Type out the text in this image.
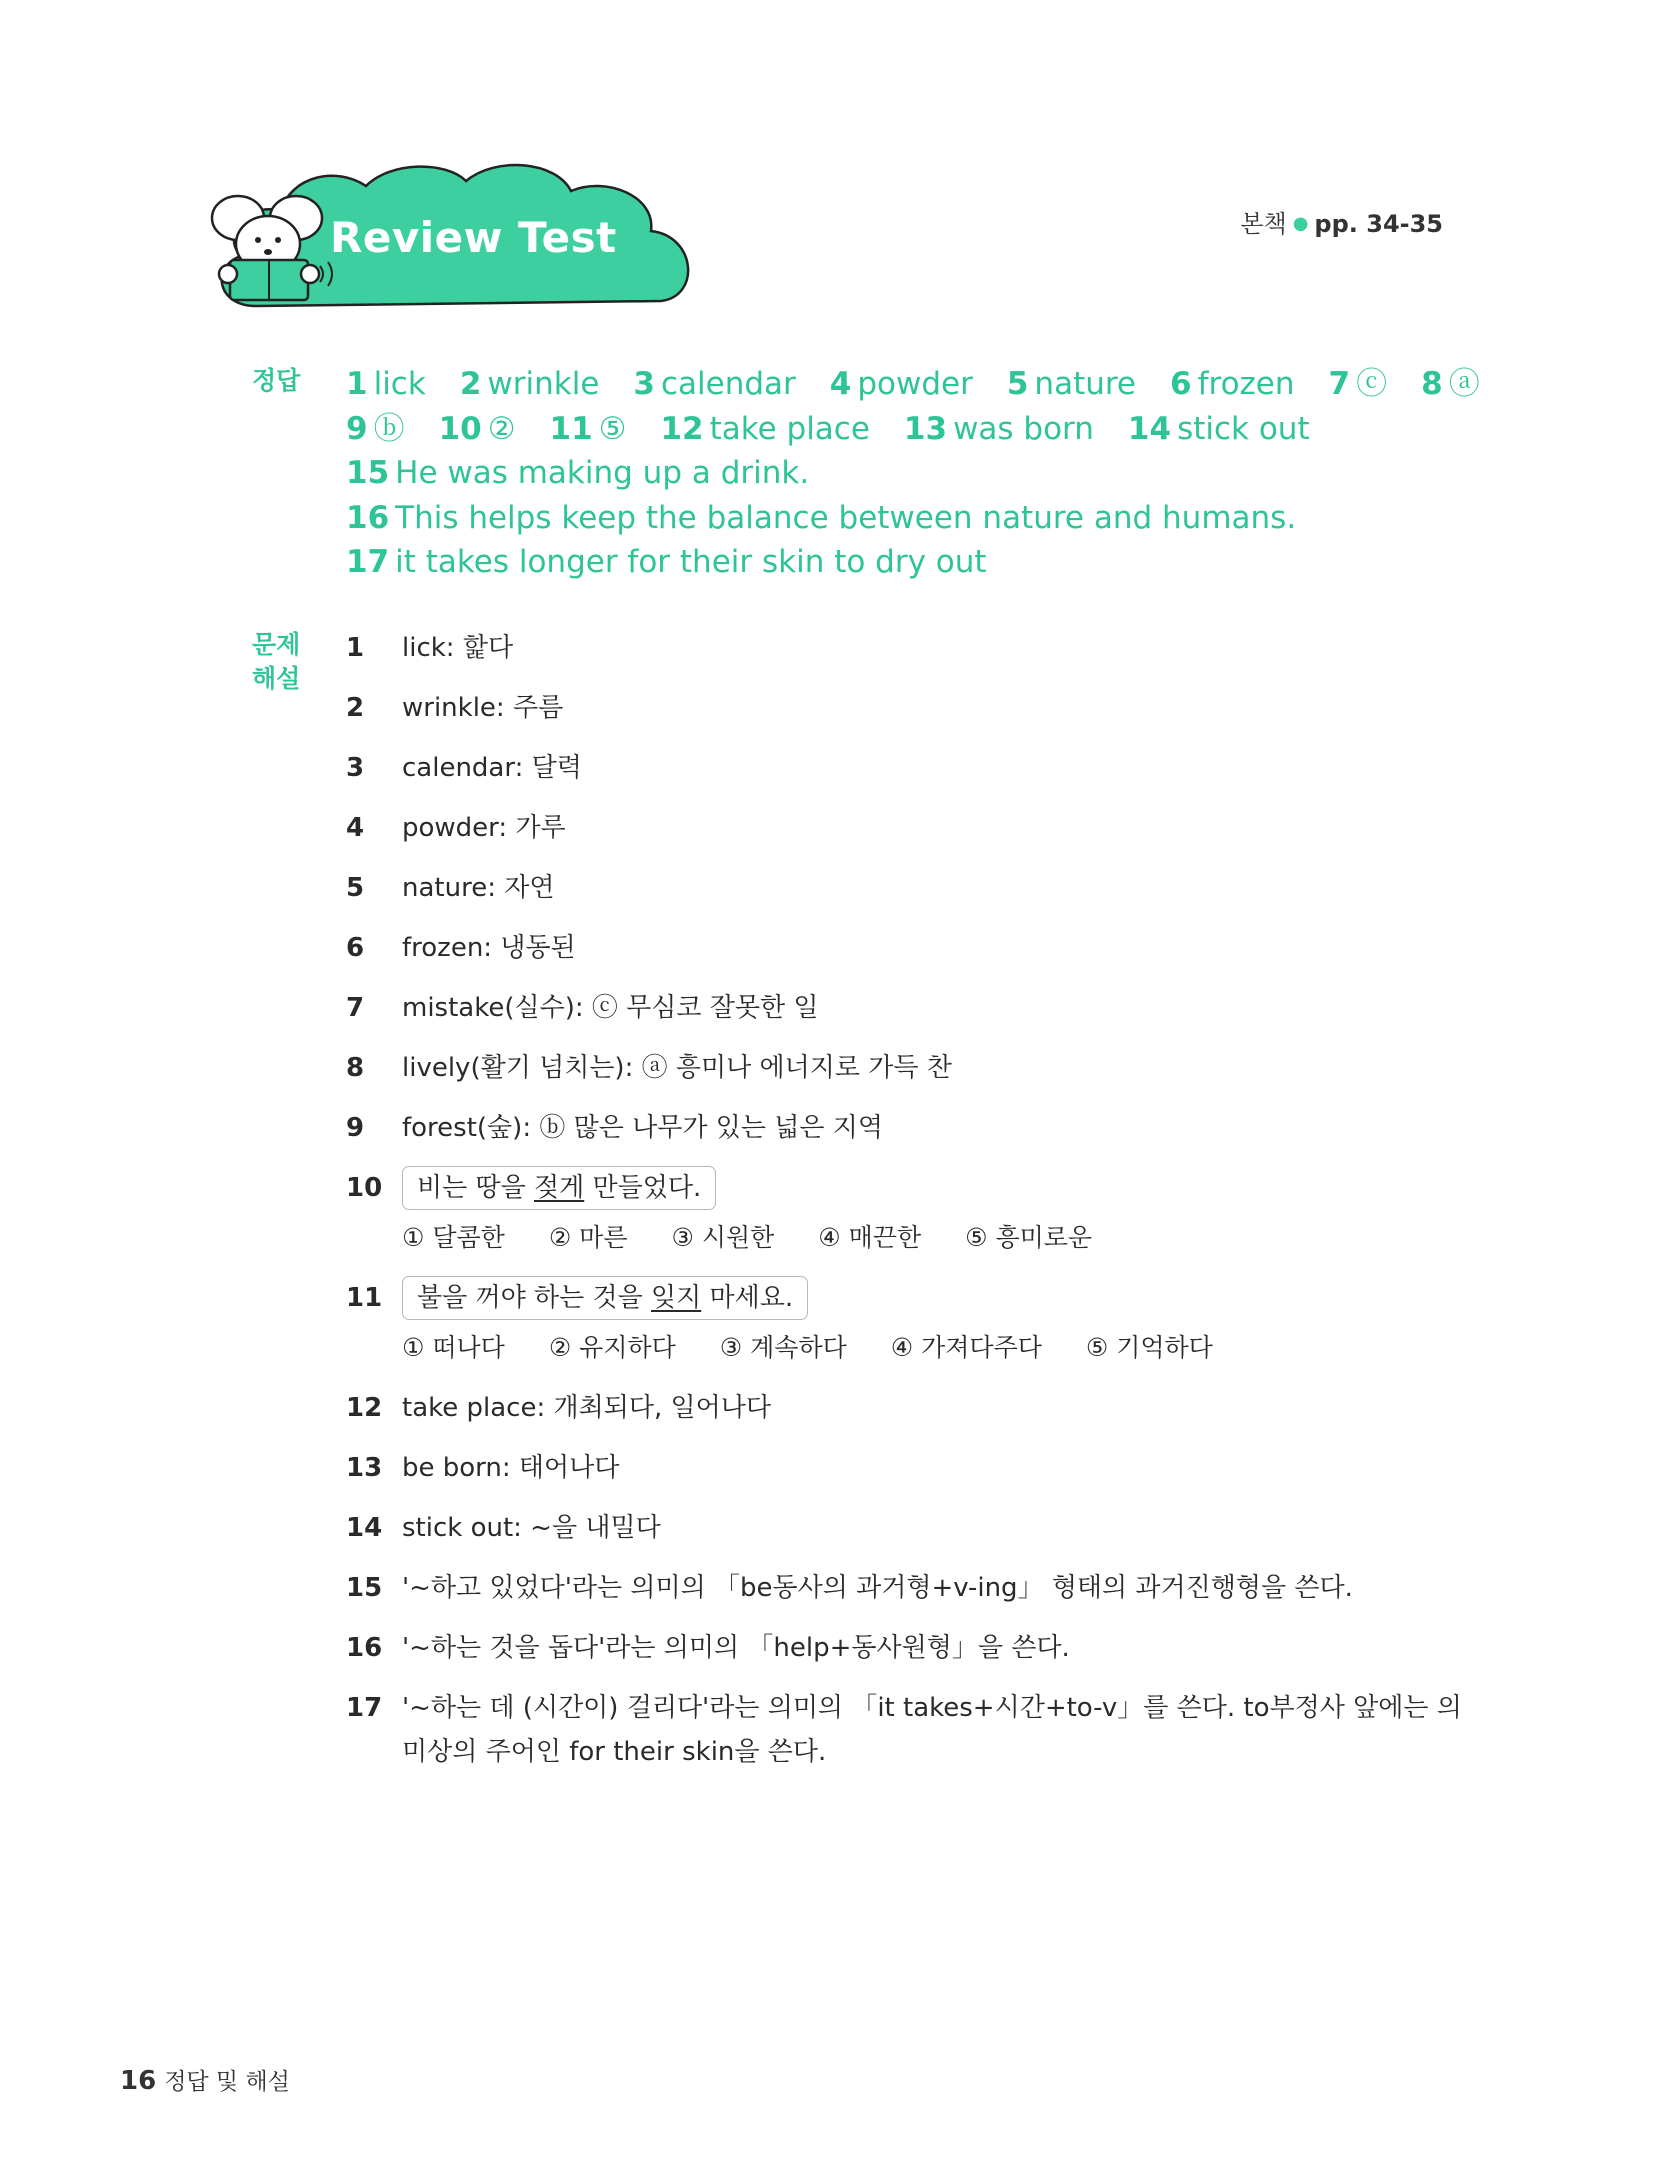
Review Test	본책 ● pp. 34-35
정답 1 lick 2 wrinkle 3 calendar 4 powder 5 nature 6 frozen 7 ⓒ 8 ⓐ
9 ⓑ 10 ② 11 ⑤ 12 take place 13 was born 14 stick out
15 He was making up a drink.
16 This helps keep the balance between nature and humans.
17 it takes longer for their skin to dry out
문제
해설
1	lick: 핥다
2	wrinkle: 주름
3	calendar: 달력
4	powder: 가루
5	nature: 자연
6	frozen: 냉동된
7	mistake(실수): ⓒ 무심코 잘못한 일
8	lively(활기 넘치는): ⓐ 흥미나 에너지로 가득 찬
9	forest(숲): ⓑ 많은 나무가 있는 넓은 지역
10	비는 땅을 젖게 만들었다.
① 달콤한 ② 마른 ③ 시원한 ④ 매끈한 ⑤ 흥미로운
11	불을 꺼야 하는 것을 잊지 마세요.
① 떠나다 ② 유지하다 ③ 계속하다 ④ 가져다주다 ⑤ 기억하다
12 take place: 개최되다, 일어나다
13 be born: 태어나다
14 stick out: ~을 내밀다
15 '~하고 있었다'라는 의미의 「be동사의 과거형+v-ing」 형태의 과거진행형을 쓴다.
16 '~하는 것을 돕다'라는 의미의 「help+동사원형」을 쓴다.
17 '~하는 데 (시간이) 걸리다'라는 의미의 「it takes+시간+to-v」를 쓴다. to부정사 앞에는 의미상의 주어인 for their skin을 쓴다.
16 정답 및 해설
